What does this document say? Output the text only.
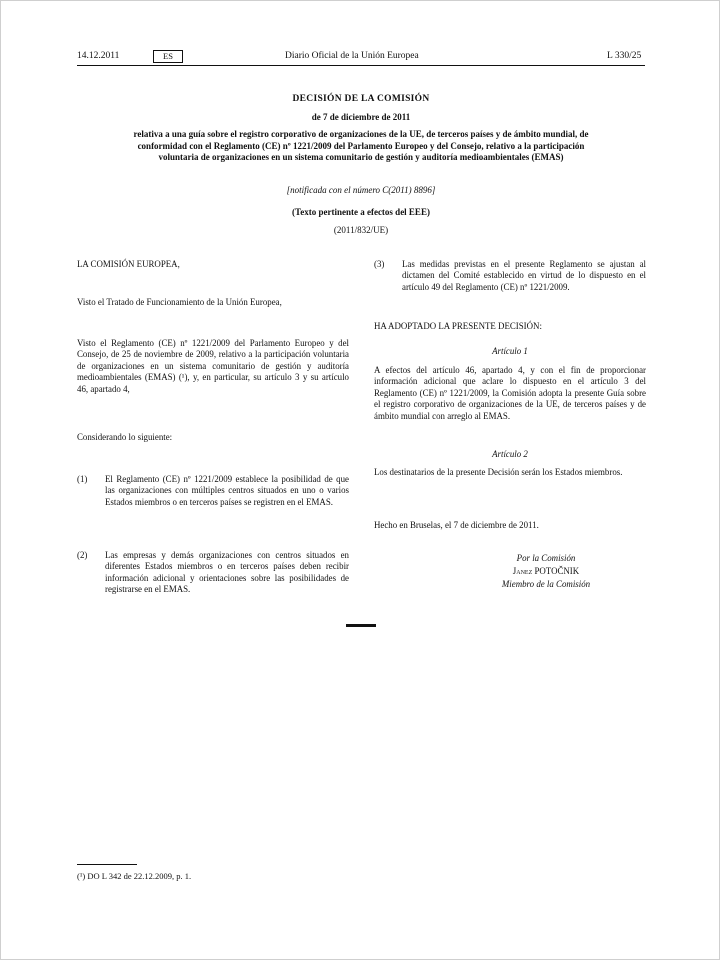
14.12.2011	ES	Diario Oficial de la Unión Europea	L 330/25
DECISIÓN DE LA COMISIÓN
de 7 de diciembre de 2011
relativa a una guía sobre el registro corporativo de organizaciones de la UE, de terceros países y de ámbito mundial, de conformidad con el Reglamento (CE) nº 1221/2009 del Parlamento Europeo y del Consejo, relativo a la participación voluntaria de organizaciones en un sistema comunitario de gestión y auditoría medioambientales (EMAS)
[notificada con el número C(2011) 8896]
(Texto pertinente a efectos del EEE)
(2011/832/UE)
LA COMISIÓN EUROPEA,
Visto el Tratado de Funcionamiento de la Unión Europea,
Visto el Reglamento (CE) nº 1221/2009 del Parlamento Europeo y del Consejo, de 25 de noviembre de 2009, relativo a la participación voluntaria de organizaciones en un sistema comunitario de gestión y auditoría medioambientales (EMAS) (¹), y, en particular, su artículo 3 y su artículo 46, apartado 4,
Considerando lo siguiente:
(1) El Reglamento (CE) nº 1221/2009 establece la posibilidad de que las organizaciones con múltiples centros situados en uno o varios Estados miembros o en terceros países se registren en el EMAS.
(2) Las empresas y demás organizaciones con centros situados en diferentes Estados miembros o en terceros países deben recibir información adicional y orientaciones sobre las posibilidades de registrarse en el EMAS.
(3) Las medidas previstas en el presente Reglamento se ajustan al dictamen del Comité establecido en virtud de lo dispuesto en el artículo 49 del Reglamento (CE) nº 1221/2009.
HA ADOPTADO LA PRESENTE DECISIÓN:
Artículo 1
A efectos del artículo 46, apartado 4, y con el fin de proporcionar información adicional que aclare lo dispuesto en el artículo 3 del Reglamento (CE) nº 1221/2009, la Comisión adopta la presente Guía sobre el registro corporativo de organizaciones de la UE, de terceros países y de ámbito mundial con arreglo al EMAS.
Artículo 2
Los destinatarios de la presente Decisión serán los Estados miembros.
Hecho en Bruselas, el 7 de diciembre de 2011.
Por la Comisión
Janez POTOČNIK
Miembro de la Comisión
(¹) DO L 342 de 22.12.2009, p. 1.
